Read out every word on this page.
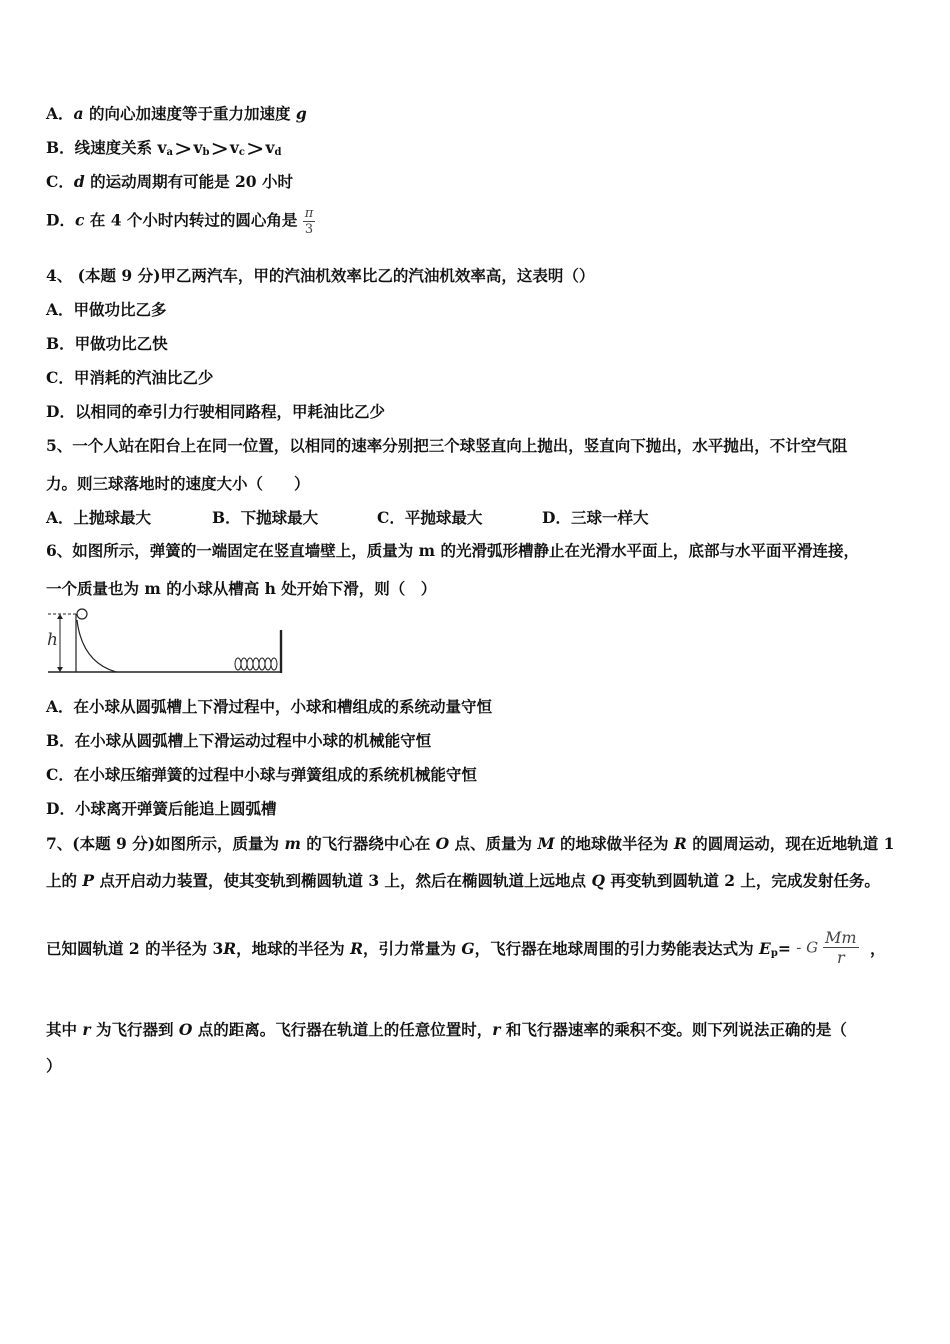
A．a 的向心加速度等于重力加速度 g
B．线速度关系 $v_a>v_b>v_c>v_d$
C．d 的运动周期有可能是 20 小时
D．c 在 4 个小时内转过的圆心角是 $\frac{\pi}{3}$
4、 (本题 9 分)甲乙两汽车，甲的汽油机效率比乙的汽油机效率高，这表明（）
A．甲做功比乙多
B．甲做功比乙快
C．甲消耗的汽油比乙少
D．以相同的牵引力行驶相同路程，甲耗油比乙少
5、一个人站在阳台上在同一位置，以相同的速率分别把三个球竖直向上抛出，竖直向下抛出，水平抛出，不计空气阻
力。则三球落地时的速度大小（　　）
A．上抛球最大	B．下抛球最大	C．平抛球最大	D．三球一样大
6、如图所示，弹簧的一端固定在竖直墙壁上，质量为 m 的光滑弧形槽静止在光滑水平面上，底部与水平面平滑连接，
一个质量也为 m 的小球从槽高 h 处开始下滑，则（　）
h
A．在小球从圆弧槽上下滑过程中，小球和槽组成的系统动量守恒
B．在小球从圆弧槽上下滑运动过程中小球的机械能守恒
C．在小球压缩弹簧的过程中小球与弹簧组成的系统机械能守恒
D．小球离开弹簧后能追上圆弧槽
7、(本题 9 分)如图所示，质量为 m 的飞行器绕中心在 O 点、质量为 M 的地球做半径为 R 的圆周运动，现在近地轨道 1
上的 P 点开启动力装置，使其变轨到椭圆轨道 3 上，然后在椭圆轨道上远地点 Q 再变轨到圆轨道 2 上，完成发射任务。
已知圆轨道 2 的半径为 3R，地球的半径为 R，引力常量为 G，飞行器在地球周围的引力势能表达式为 $E_p= - G \frac{Mm}{r}$ ，
其中 r 为飞行器到 O 点的距离。飞行器在轨道上的任意位置时，r 和飞行器速率的乘积不变。则下列说法正确的是（
）
